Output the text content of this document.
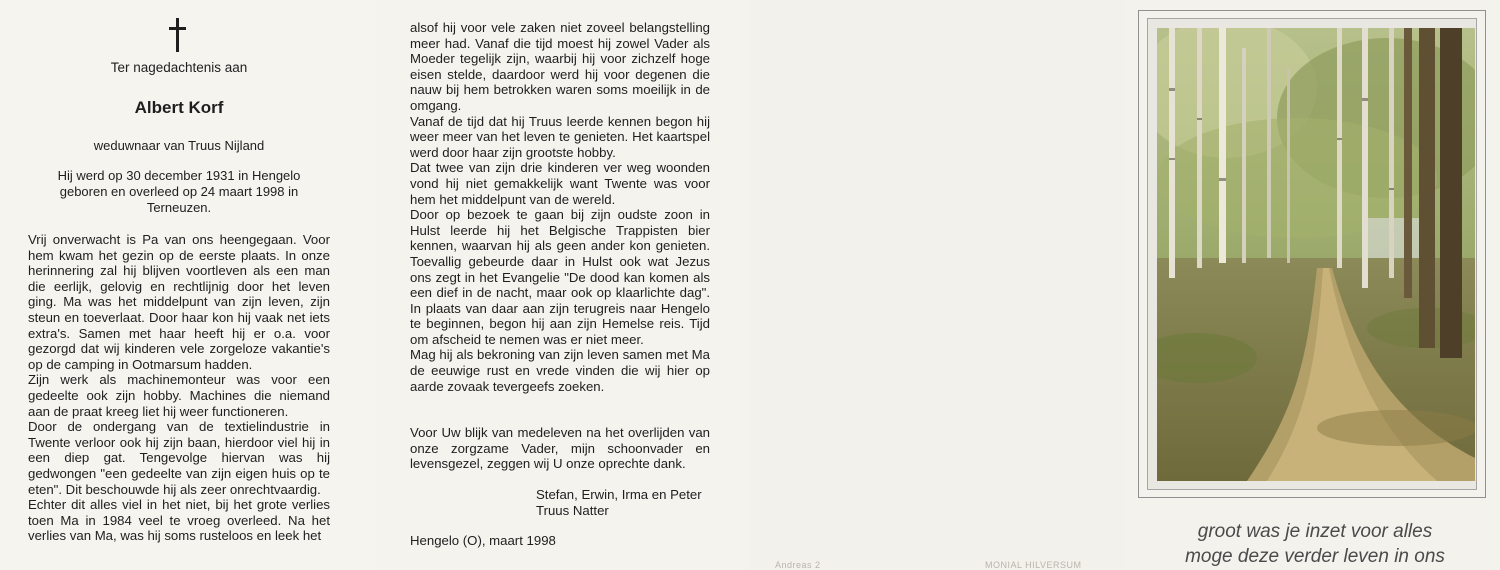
Ter nagedachtenis aan
Albert Korf
weduwnaar van Truus Nijland
Hij werd op 30 december 1931 in Hengelo
geboren en overleed op 24 maart 1998 in
Terneuzen.

Vrij onverwacht is Pa van ons heengegaan. Voor hem kwam het gezin op de eerste plaats. In onze herinnering zal hij blijven voortleven als een man die eerlijk, gelovig en rechtlijnig door het leven ging. Ma was het middelpunt van zijn leven, zijn steun en toeverlaat. Door haar kon hij vaak net iets extra's. Samen met haar heeft hij er o.a. voor gezorgd dat wij kinderen vele zorgeloze vakantie's op de camping in Ootmarsum hadden.

Zijn werk als machinemonteur was voor een gedeelte ook zijn hobby. Machines die niemand aan de praat kreeg liet hij weer functioneren.

Door de ondergang van de textielindustrie in Twente verloor ook hij zijn baan, hierdoor viel hij in een diep gat. Tengevolge hiervan was hij gedwongen "een gedeelte van zijn eigen huis op te eten". Dit beschouwde hij als zeer onrechtvaardig.

Echter dit alles viel in het niet, bij het grote verlies toen Ma in 1984 veel te vroeg overleed. Na het verlies van Ma, was hij soms rusteloos en leek het

alsof hij voor vele zaken niet zoveel belangstelling meer had. Vanaf die tijd moest hij zowel Vader als Moeder tegelijk zijn, waarbij hij voor zichzelf hoge eisen stelde, daardoor werd hij voor degenen die nauw bij hem betrokken waren soms moeilijk in de omgang.

Vanaf de tijd dat hij Truus leerde kennen begon hij weer meer van het leven te genieten. Het kaartspel werd door haar zijn grootste hobby.

Dat twee van zijn drie kinderen ver weg woonden vond hij niet gemakkelijk want Twente was voor hem het middelpunt van de wereld.

Door op bezoek te gaan bij zijn oudste zoon in Hulst leerde hij het Belgische Trappisten bier kennen, waarvan hij als geen ander kon genieten. Toevallig gebeurde daar in Hulst ook wat Jezus ons zegt in het Evangelie "De dood kan komen als een dief in de nacht, maar ook op klaarlichte dag". In plaats van daar aan zijn terugreis naar Hengelo te beginnen, begon hij aan zijn Hemelse reis. Tijd om afscheid te nemen was er niet meer.

Mag hij als bekroning van zijn leven samen met Ma de eeuwige rust en vrede vinden die wij hier op aarde zovaak tevergeefs zoeken.

Voor Uw blijk van medeleven na het overlijden van onze zorgzame Vader, mijn schoonvader en levensgezel, zeggen wij U onze oprechte dank.
Stefan, Erwin, Irma en Peter
Truus Natter
Hengelo (O), maart 1998
Andreas 2	MONIAL HILVERSUM
groot was je inzet voor alles
moge deze verder leven in ons
